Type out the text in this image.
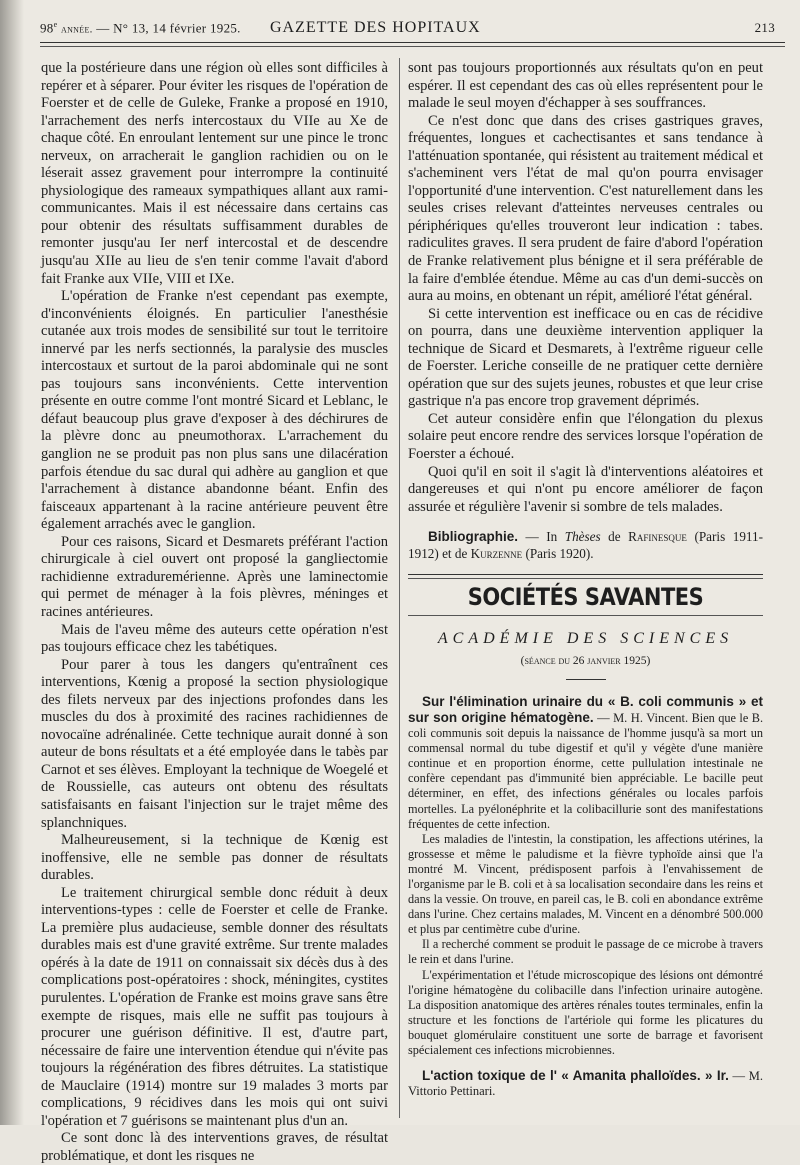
98e année. — N° 13, 14 février 1925. GAZETTE DES HOPITAUX	213

que la postérieure dans une région où elles sont difficiles à repérer et à séparer. Pour éviter les risques de l'opération de Foerster et de celle de Guleke, Franke a proposé en 1910, l'arrachement des nerfs intercostaux du VIIe au Xe de chaque côté. En enroulant lentement sur une pince le tronc nerveux, on arracherait le ganglion rachidien ou on le léserait assez gravement pour interrompre la continuité physiologique des rameaux sympathiques allant aux rami-communicantes. Mais il est nécessaire dans certains cas pour obtenir des résultats suffisamment durables de remonter jusqu'au Ier nerf intercostal et de descendre jusqu'au XIIe au lieu de s'en tenir comme l'avait d'abord fait Franke aux VIIe, VIII et IXe.

L'opération de Franke n'est cependant pas exempte, d'inconvénients éloignés. En particulier l'anesthésie cutanée aux trois modes de sensibilité sur tout le territoire innervé par les nerfs sectionnés, la paralysie des muscles intercostaux et surtout de la paroi abdominale qui ne sont pas toujours sans inconvénients. Cette intervention présente en outre comme l'ont montré Sicard et Leblanc, le défaut beaucoup plus grave d'exposer à des déchirures de la plèvre donc au pneumothorax. L'arrachement du ganglion ne se produit pas non plus sans une dilacération parfois étendue du sac dural qui adhère au ganglion et que l'arrachement à distance abandonne béant. Enfin des faisceaux appartenant à la racine antérieure peuvent être également arrachés avec le ganglion.

Pour ces raisons, Sicard et Desmarets préférant l'action chirurgicale à ciel ouvert ont proposé la gangliectomie rachidienne extraduremérienne. Après une laminectomie qui permet de ménager à la fois plèvres, méninges et racines antérieures.

Mais de l'aveu même des auteurs cette opération n'est pas toujours efficace chez les tabétiques.

Pour parer à tous les dangers qu'entraînent ces interventions, Kœnig a proposé la section physiologique des filets nerveux par des injections profondes dans les muscles du dos à proximité des racines rachidiennes de novocaïne adrénalinée. Cette technique aurait donné à son auteur de bons résultats et a été employée dans le tabès par Carnot et ses élèves. Employant la technique de Woegelé et de Roussielle, cas auteurs ont obtenu des résultats satisfaisants en faisant l'injection sur le trajet même des splanchniques.

Malheureusement, si la technique de Kœnig est inoffensive, elle ne semble pas donner de résultats durables.

Le traitement chirurgical semble donc réduit à deux interventions-types : celle de Foerster et celle de Franke. La première plus audacieuse, semble donner des résultats durables mais est d'une gravité extrême. Sur trente malades opérés à la date de 1911 on connaissait six décès dus à des complications post-opératoires : shock, méningites, cystites purulentes. L'opération de Franke est moins grave sans être exempte de risques, mais elle ne suffit pas toujours à procurer une guérison définitive. Il est, d'autre part, nécessaire de faire une intervention étendue qui n'évite pas toujours la régénération des fibres détruites. La statistique de Mauclaire (1914) montre sur 19 malades 3 morts par complications, 9 récidives dans les mois qui ont suivi l'opération et 7 guérisons se maintenant plus d'un an.

Ce sont donc là des interventions graves, de résultat problématique, et dont les risques ne

sont pas toujours proportionnés aux résultats qu'on en peut espérer. Il est cependant des cas où elles représentent pour le malade le seul moyen d'échapper à ses souffrances.

Ce n'est donc que dans des crises gastriques graves, fréquentes, longues et cachectisantes et sans tendance à l'atténuation spontanée, qui résistent au traitement médical et s'acheminent vers l'état de mal qu'on pourra envisager l'opportunité d'une intervention. C'est naturellement dans les seules crises relevant d'atteintes nerveuses centrales ou périphériques qu'elles trouveront leur indication : tabes. radiculites graves. Il sera prudent de faire d'abord l'opération de Franke relativement plus bénigne et il sera préférable de la faire d'emblée étendue. Même au cas d'un demi-succès on aura au moins, en obtenant un répit, amélioré l'état général.

Si cette intervention est inefficace ou en cas de récidive on pourra, dans une deuxième intervention appliquer la technique de Sicard et Desmarets, à l'extrême rigueur celle de Foerster. Leriche conseille de ne pratiquer cette dernière opération que sur des sujets jeunes, robustes et que leur crise gastrique n'a pas encore trop gravement déprimés.

Cet auteur considère enfin que l'élongation du plexus solaire peut encore rendre des services lorsque l'opération de Foerster a échoué.

Quoi qu'il en soit il s'agit là d'interventions aléatoires et dangereuses et qui n'ont pu encore améliorer de façon assurée et régulière l'avenir si sombre de tels malades.

Bibliographie. — In Thèses de Rafinesque (Paris 1911-1912) et de Kurzenne (Paris 1920).

SOCIÉTÉS SAVANTES
ACADÉMIE DES SCIENCES
(séance du 26 janvier 1925)

Sur l'élimination urinaire du « B. coli communis » et sur son origine hématogène. — M. H. Vincent. Bien que le B. coli communis soit depuis la naissance de l'homme jusqu'à sa mort un commensal normal du tube digestif et qu'il y végète d'une manière continue et en proportion énorme, cette pullulation intestinale ne confère cependant pas d'immunité bien appréciable. Le bacille peut déterminer, en effet, des infections générales ou locales parfois mortelles. La pyélonéphrite et la colibacillurie sont des manifestations fréquentes de cette infection.

Les maladies de l'intestin, la constipation, les affections utérines, la grossesse et même le paludisme et la fièvre typhoïde ainsi que l'a montré M. Vincent, prédisposent parfois à l'envahissement de l'organisme par le B. coli et à sa localisation secondaire dans les reins et dans la vessie. On trouve, en pareil cas, le B. coli en abondance extrême dans l'urine. Chez certains malades, M. Vincent en a dénombré 500.000 et plus par centimètre cube d'urine.

Il a recherché comment se produit le passage de ce microbe à travers le rein et dans l'urine.

L'expérimentation et l'étude microscopique des lésions ont démontré l'origine hématogène du colibacille dans l'infection urinaire autogène. La disposition anatomique des artères rénales toutes terminales, enfin la structure et les fonctions de l'artériole qui forme les plicatures du bouquet glomérulaire constituent une sorte de barrage et favorisent spécialement ces infections microbiennes.

L'action toxique de l' « Amanita phalloïdes. » Ir. — M. Vittorio Pettinari.
